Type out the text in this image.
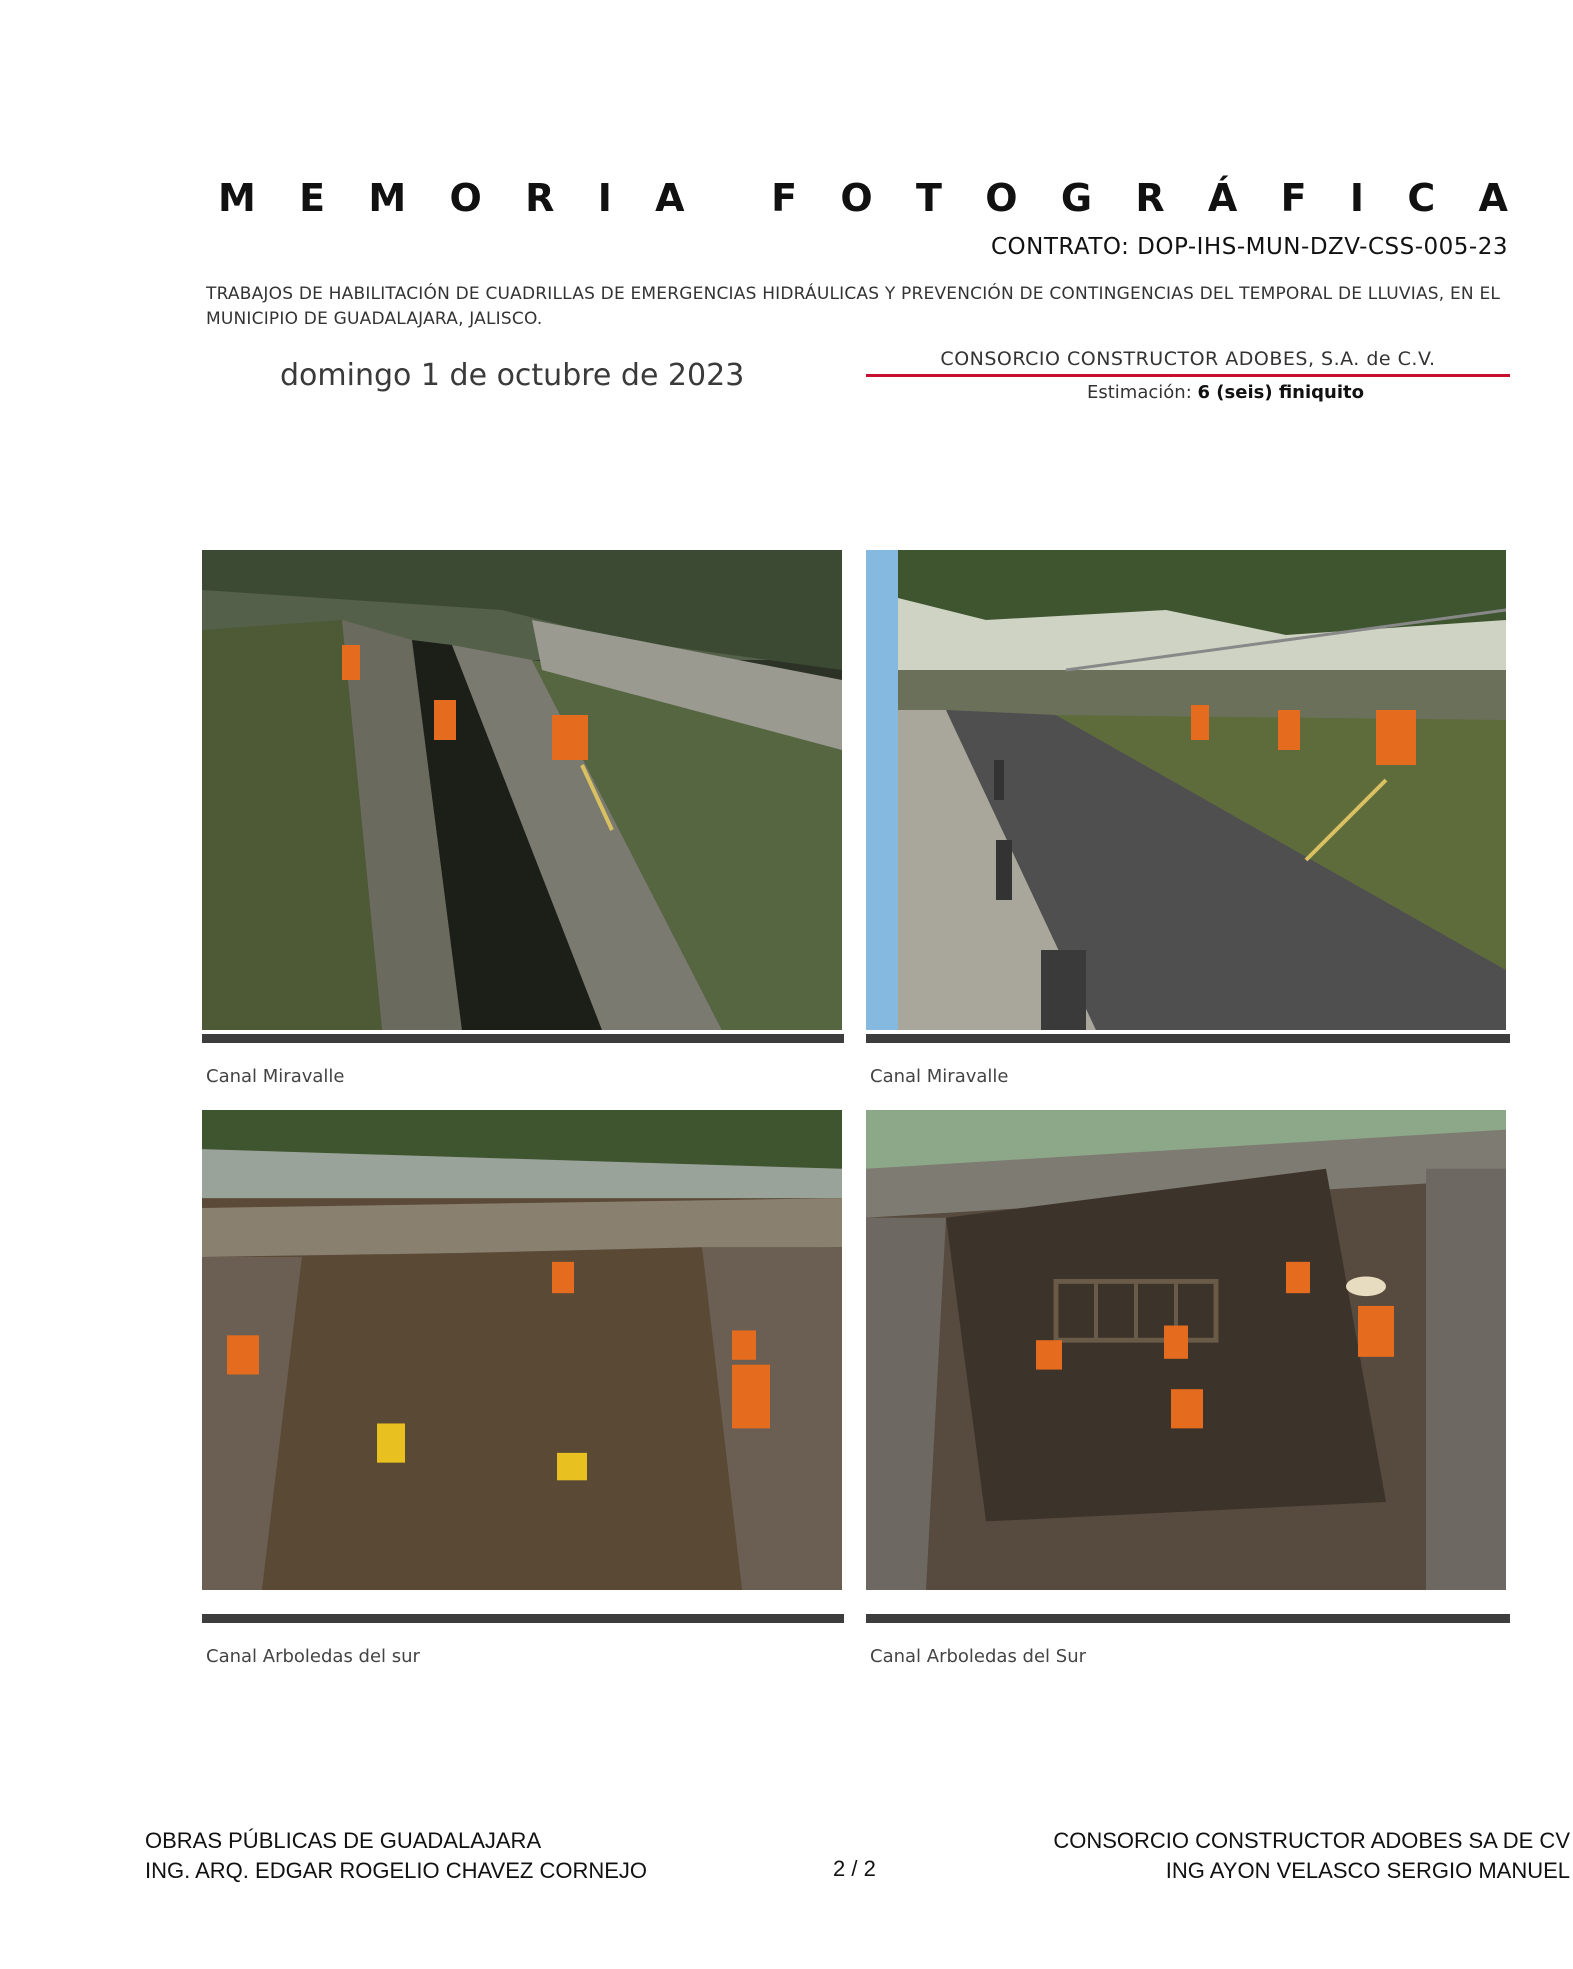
M E M O R I A F O T O G R Á F I C A
CONTRATO: DOP-IHS-MUN-DZV-CSS-005-23
TRABAJOS DE HABILITACIÓN DE CUADRILLAS DE EMERGENCIAS HIDRÁULICAS Y PREVENCIÓN DE CONTINGENCIAS DEL TEMPORAL DE LLUVIAS, EN EL MUNICIPIO DE GUADALAJARA, JALISCO.
domingo 1 de octubre de 2023	CONSORCIO CONSTRUCTOR ADOBES, S.A. de C.V.
Estimación: 6 (seis) finiquito
Canal Miravalle	Canal Miravalle
Canal Arboledas del sur	Canal Arboledas del Sur
OBRAS PÚBLICAS DE GUADALAJARA
ING. ARQ. EDGAR ROGELIO CHAVEZ CORNEJO	2 / 2
CONSORCIO CONSTRUCTOR ADOBES SA DE CV
ING AYON VELASCO SERGIO MANUEL
